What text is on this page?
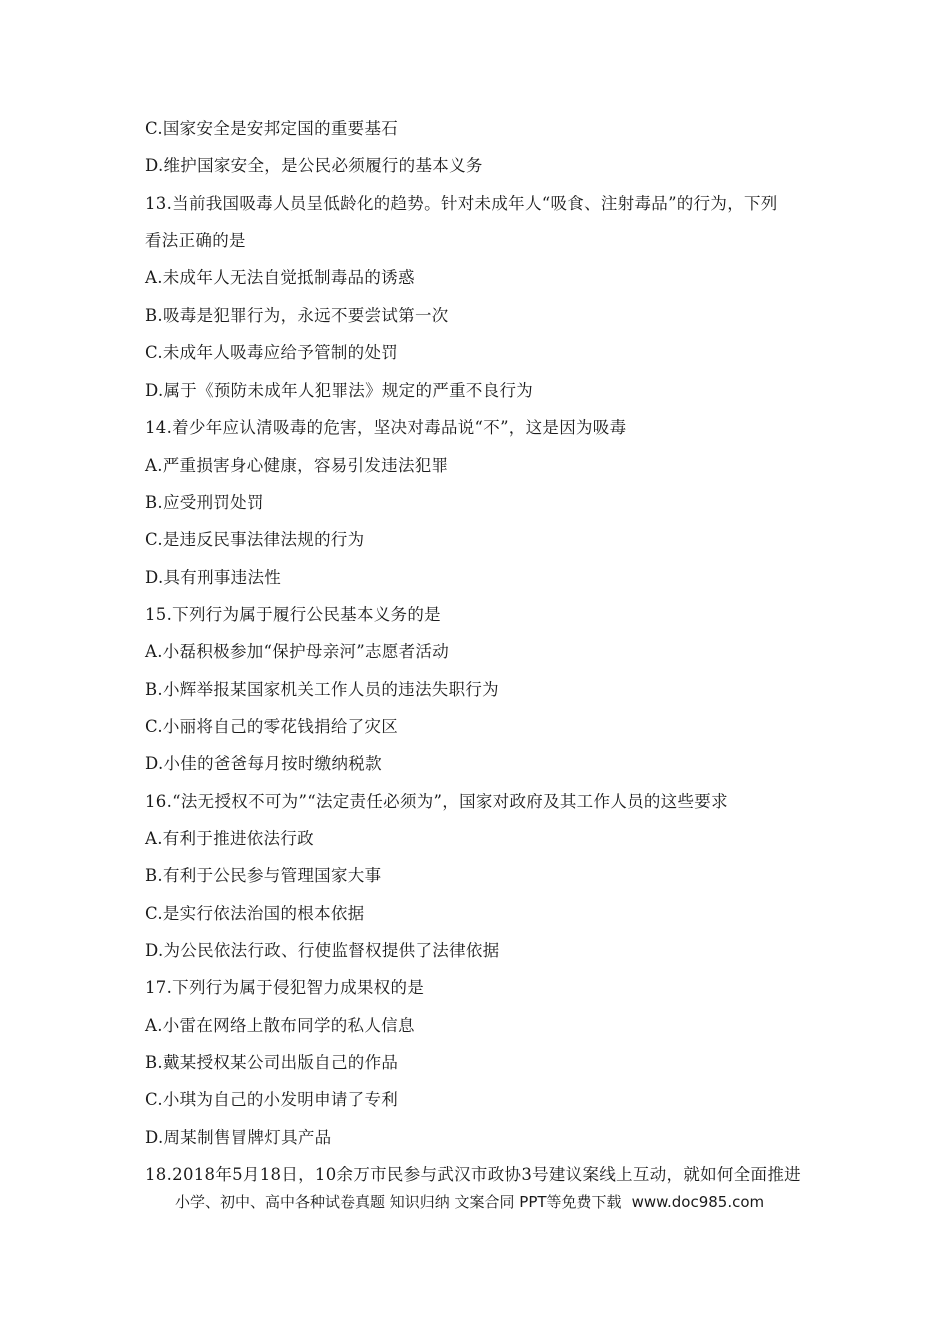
C.国家安全是安邦定国的重要基石
D.维护国家安全，是公民必须履行的基本义务
13.当前我国吸毒人员呈低龄化的趋势。针对未成年人“吸食、注射毒品”的行为，下列
看法正确的是
A.未成年人无法自觉抵制毒品的诱惑
B.吸毒是犯罪行为，永远不要尝试第一次
C.未成年人吸毒应给予管制的处罚
D.属于《预防未成年人犯罪法》规定的严重不良行为
14.着少年应认清吸毒的危害，坚决对毒品说“不”，这是因为吸毒
A.严重损害身心健康，容易引发违法犯罪
B.应受刑罚处罚
C.是违反民事法律法规的行为
D.具有刑事违法性
15.下列行为属于履行公民基本义务的是
A.小磊积极参加“保护母亲河”志愿者活动
B.小辉举报某国家机关工作人员的违法失职行为
C.小丽将自己的零花钱捐给了灾区
D.小佳的爸爸每月按时缴纳税款
16.“法无授权不可为”“法定责任必须为”，国家对政府及其工作人员的这些要求
A.有利于推进依法行政
B.有利于公民参与管理国家大事
C.是实行依法治国的根本依据
D.为公民依法行政、行使监督权提供了法律依据
17.下列行为属于侵犯智力成果权的是
A.小雷在网络上散布同学的私人信息
B.戴某授权某公司出版自己的作品
C.小琪为自己的小发明申请了专利
D.周某制售冒牌灯具产品
18.2018年5月18日，10余万市民参与武汉市政协3号建议案线上互动，就如何全面推进
小学、初中、高中各种试卷真题 知识归纳 文案合同 PPT等免费下载 www.doc985.com
